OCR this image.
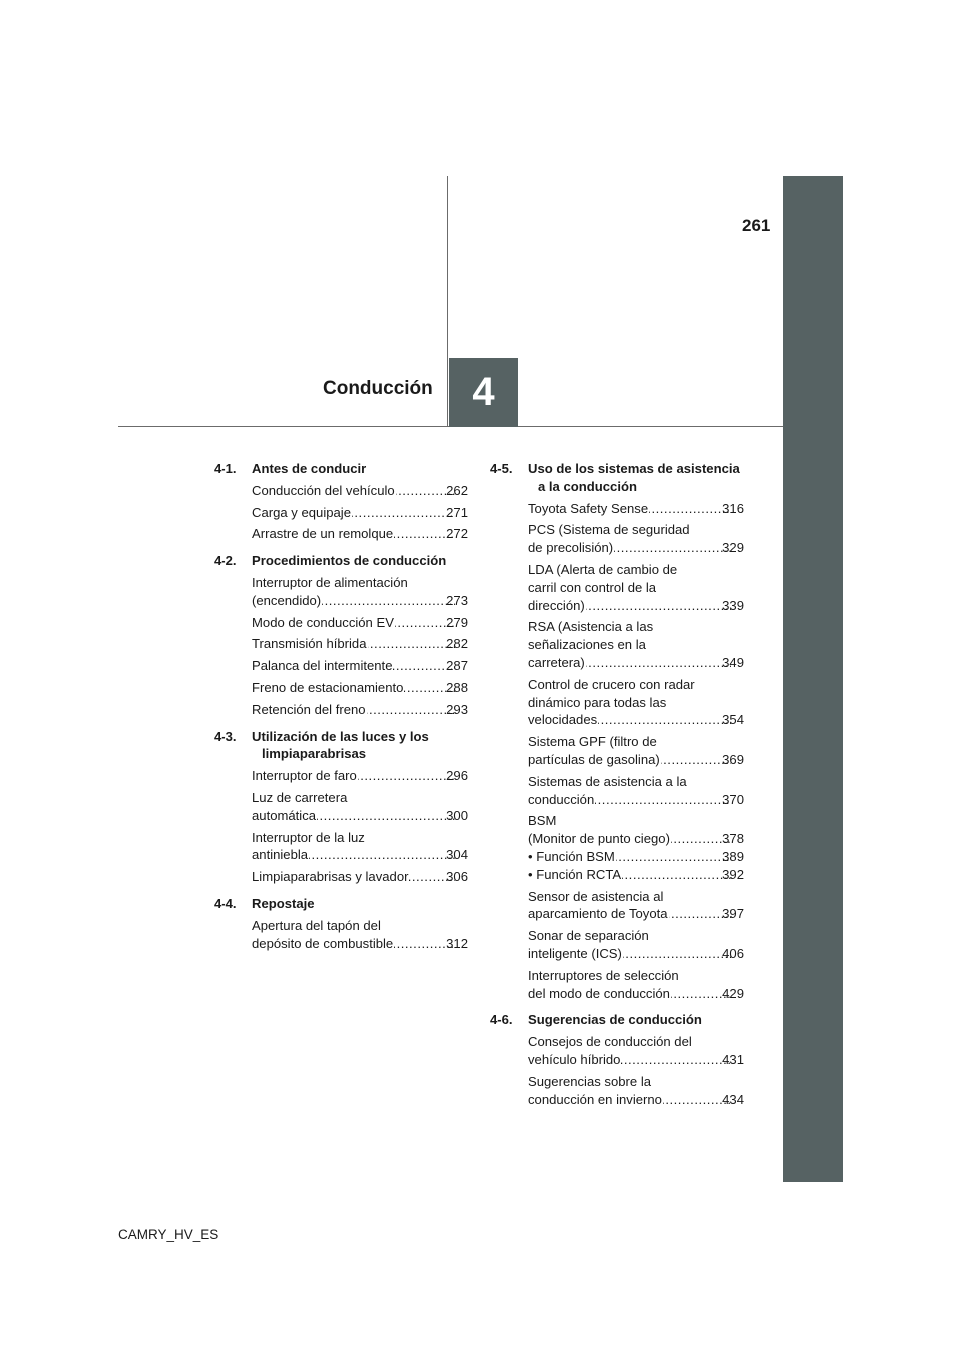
261
4
Conducción
4-1. Antes de conducir
Conducción del vehículo .....	262
Carga y equipaje .....	271
Arrastre de un remolque .....	272
4-2. Procedimientos de conducción
Interruptor de alimentación
(encendido) .....	273
Modo de conducción EV .....	279
Transmisión híbrida .....	282
Palanca del intermitente .....	287
Freno de estacionamiento .....	288
Retención del freno .....	293
4-3. Utilización de las luces y los limpiaparabrisas
Interruptor de faro .....	296
Luz de carretera
automática .....	300
Interruptor de la luz
antiniebla .....	304
Limpiaparabrisas y lavador .....	306
4-4. Repostaje
Apertura del tapón del
depósito de combustible .....	312
4-5. Uso de los sistemas de asistencia a la conducción
Toyota Safety Sense .....	316
PCS (Sistema de seguridad
de precolisión) .....	329
LDA (Alerta de cambio de
carril con control de la
dirección) .....	339
RSA (Asistencia a las
señalizaciones en la
carretera) .....	349
Control de crucero con radar
dinámico para todas las
velocidades .....	354
Sistema GPF (filtro de
partículas de gasolina) .....	369
Sistemas de asistencia a la
conducción .....	370
BSM
(Monitor de punto ciego) .....	378
• Función BSM .....	389
• Función RCTA .....	392
Sensor de asistencia al
aparcamiento de Toyota .....	397
Sonar de separación
inteligente (ICS) .....	406
Interruptores de selección
del modo de conducción .....	429
4-6. Sugerencias de conducción
Consejos de conducción del
vehículo híbrido .....	431
Sugerencias sobre la
conducción en invierno .....	434
CAMRY_HV_ES
